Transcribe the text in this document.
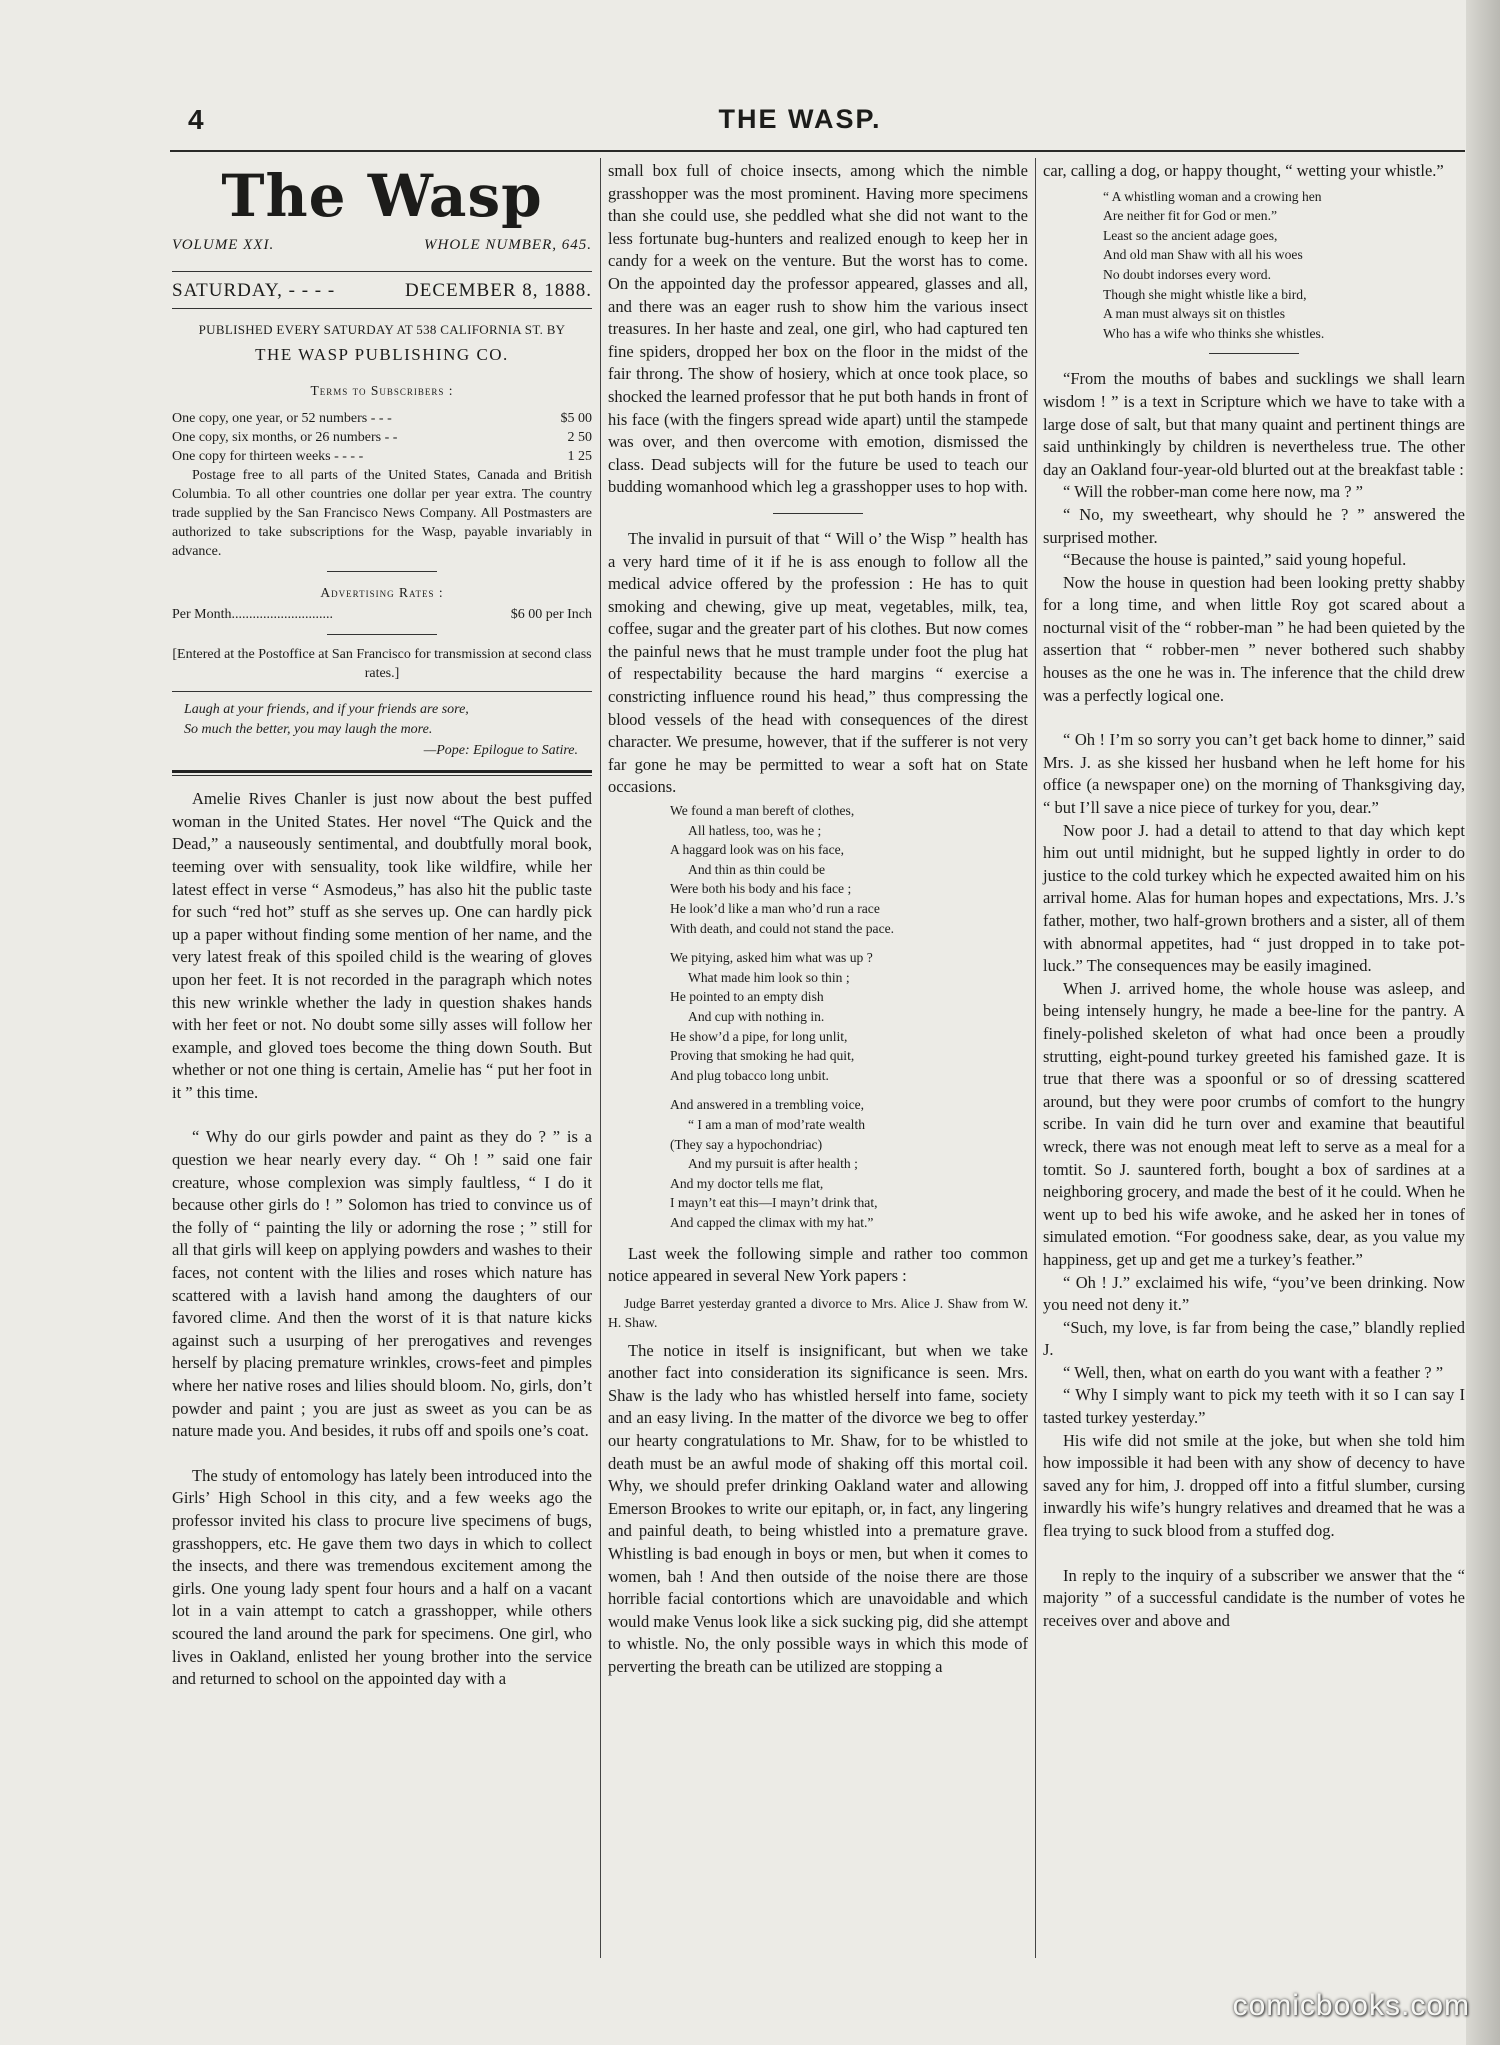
4	THE WASP.
The Wasp
VOLUME XXI.	WHOLE NUMBER, 645.
SATURDAY, - - - -	DECEMBER 8, 1888.
PUBLISHED EVERY SATURDAY AT 538 CALIFORNIA ST. BY
THE WASP PUBLISHING CO.
Terms to Subscribers :
One copy, one year, or 52 numbers - - -	$5 00
One copy, six months, or 26 numbers - -	2 50
One copy for thirteen weeks - - - -	1 25

Postage free to all parts of the United States, Canada and British Columbia. To all other countries one dollar per year extra. The country trade supplied by the San Francisco News Company. All Postmasters are authorized to take subscriptions for the Wasp, payable invariably in advance.

Advertising Rates :
Per Month.............................	$6 00 per Inch

[Entered at the Postoffice at San Francisco for transmission at second class rates.]

Laugh at your friends, and if your friends are sore,
So much the better, you may laugh the more.
—Pope: Epilogue to Satire.

Amelie Rives Chanler is just now about the best puffed woman in the United States. Her novel “The Quick and the Dead,” a nauseously sentimental, and doubtfully moral book, teeming over with sensuality, took like wildfire, while her latest effect in verse “ Asmodeus,” has also hit the public taste for such “red hot” stuff as she serves up. One can hardly pick up a paper without finding some mention of her name, and the very latest freak of this spoiled child is the wearing of gloves upon her feet. It is not recorded in the paragraph which notes this new wrinkle whether the lady in question shakes hands with her feet or not. No doubt some silly asses will follow her example, and gloved toes become the thing down South. But whether or not one thing is certain, Amelie has “ put her foot in it ” this time.

“ Why do our girls powder and paint as they do ? ” is a question we hear nearly every day. “ Oh ! ” said one fair creature, whose complexion was simply faultless, “ I do it because other girls do ! ” Solomon has tried to convince us of the folly of “ painting the lily or adorning the rose ; ” still for all that girls will keep on applying powders and washes to their faces, not content with the lilies and roses which nature has scattered with a lavish hand among the daughters of our favored clime. And then the worst of it is that nature kicks against such a usurping of her prerogatives and revenges herself by placing premature wrinkles, crows-feet and pimples where her native roses and lilies should bloom. No, girls, don’t powder and paint ; you are just as sweet as you can be as nature made you. And besides, it rubs off and spoils one’s coat.

The study of entomology has lately been introduced into the Girls’ High School in this city, and a few weeks ago the professor invited his class to procure live specimens of bugs, grasshoppers, etc. He gave them two days in which to collect the insects, and there was tremendous excitement among the girls. One young lady spent four hours and a half on a vacant lot in a vain attempt to catch a grasshopper, while others scoured the land around the park for specimens. One girl, who lives in Oakland, enlisted her young brother into the service and returned to school on the appointed day with a

small box full of choice insects, among which the nimble grasshopper was the most prominent. Having more specimens than she could use, she peddled what she did not want to the less fortunate bug-hunters and realized enough to keep her in candy for a week on the venture. But the worst has to come. On the appointed day the professor appeared, glasses and all, and there was an eager rush to show him the various insect treasures. In her haste and zeal, one girl, who had captured ten fine spiders, dropped her box on the floor in the midst of the fair throng. The show of hosiery, which at once took place, so shocked the learned professor that he put both hands in front of his face (with the fingers spread wide apart) until the stampede was over, and then overcome with emotion, dismissed the class. Dead subjects will for the future be used to teach our budding womanhood which leg a grasshopper uses to hop with.

The invalid in pursuit of that “ Will o’ the Wisp ” health has a very hard time of it if he is ass enough to follow all the medical advice offered by the profession : He has to quit smoking and chewing, give up meat, vegetables, milk, tea, coffee, sugar and the greater part of his clothes. But now comes the painful news that he must trample under foot the plug hat of respectability because the hard margins “ exercise a constricting influence round his head,” thus compressing the blood vessels of the head with consequences of the direst character. We presume, however, that if the sufferer is not very far gone he may be permitted to wear a soft hat on State occasions.

We found a man bereft of clothes,
All hatless, too, was he ;
A haggard look was on his face,
And thin as thin could be
Were both his body and his face ;
He look’d like a man who’d run a race
With death, and could not stand the pace.
We pitying, asked him what was up ?
What made him look so thin ;
He pointed to an empty dish
And cup with nothing in.
He show’d a pipe, for long unlit,
Proving that smoking he had quit,
And plug tobacco long unbit.
And answered in a trembling voice,
“ I am a man of mod’rate wealth
(They say a hypochondriac)
And my pursuit is after health ;
And my doctor tells me flat,
I mayn’t eat this—I mayn’t drink that,
And capped the climax with my hat.”

Last week the following simple and rather too common notice appeared in several New York papers :

Judge Barret yesterday granted a divorce to Mrs. Alice J. Shaw from W. H. Shaw.

The notice in itself is insignificant, but when we take another fact into consideration its significance is seen. Mrs. Shaw is the lady who has whistled herself into fame, society and an easy living. In the matter of the divorce we beg to offer our hearty congratulations to Mr. Shaw, for to be whistled to death must be an awful mode of shaking off this mortal coil. Why, we should prefer drinking Oakland water and allowing Emerson Brookes to write our epitaph, or, in fact, any lingering and painful death, to being whistled into a premature grave. Whistling is bad enough in boys or men, but when it comes to women, bah ! And then outside of the noise there are those horrible facial contortions which are unavoidable and which would make Venus look like a sick sucking pig, did she attempt to whistle. No, the only possible ways in which this mode of perverting the breath can be utilized are stopping a

car, calling a dog, or happy thought, “ wetting your whistle.”

“ A whistling woman and a crowing hen
Are neither fit for God or men.”
Least so the ancient adage goes,
And old man Shaw with all his woes
No doubt indorses every word.
Though she might whistle like a bird,
A man must always sit on thistles
Who has a wife who thinks she whistles.

“From the mouths of babes and sucklings we shall learn wisdom ! ” is a text in Scripture which we have to take with a large dose of salt, but that many quaint and pertinent things are said unthinkingly by children is nevertheless true. The other day an Oakland four-year-old blurted out at the breakfast table :

“ Will the robber-man come here now, ma ? ”

“ No, my sweetheart, why should he ? ” answered the surprised mother.

“Because the house is painted,” said young hopeful.

Now the house in question had been looking pretty shabby for a long time, and when little Roy got scared about a nocturnal visit of the “ robber-man ” he had been quieted by the assertion that “ robber-men ” never bothered such shabby houses as the one he was in. The inference that the child drew was a perfectly logical one.

“ Oh ! I’m so sorry you can’t get back home to dinner,” said Mrs. J. as she kissed her husband when he left home for his office (a newspaper one) on the morning of Thanksgiving day, “ but I’ll save a nice piece of turkey for you, dear.”

Now poor J. had a detail to attend to that day which kept him out until midnight, but he supped lightly in order to do justice to the cold turkey which he expected awaited him on his arrival home. Alas for human hopes and expectations, Mrs. J.’s father, mother, two half-grown brothers and a sister, all of them with abnormal appetites, had “ just dropped in to take pot-luck.” The consequences may be easily imagined.

When J. arrived home, the whole house was asleep, and being intensely hungry, he made a bee-line for the pantry. A finely-polished skeleton of what had once been a proudly strutting, eight-pound turkey greeted his famished gaze. It is true that there was a spoonful or so of dressing scattered around, but they were poor crumbs of comfort to the hungry scribe. In vain did he turn over and examine that beautiful wreck, there was not enough meat left to serve as a meal for a tomtit. So J. sauntered forth, bought a box of sardines at a neighboring grocery, and made the best of it he could. When he went up to bed his wife awoke, and he asked her in tones of simulated emotion. “For goodness sake, dear, as you value my happiness, get up and get me a turkey’s feather.”

“ Oh ! J.” exclaimed his wife, “you’ve been drinking. Now you need not deny it.”

“Such, my love, is far from being the case,” blandly replied J.

“ Well, then, what on earth do you want with a feather ? ”

“ Why I simply want to pick my teeth with it so I can say I tasted turkey yesterday.”

His wife did not smile at the joke, but when she told him how impossible it had been with any show of decency to have saved any for him, J. dropped off into a fitful slumber, cursing inwardly his wife’s hungry relatives and dreamed that he was a flea trying to suck blood from a stuffed dog.

In reply to the inquiry of a subscriber we answer that the “ majority ” of a successful candidate is the number of votes he receives over and above and

comicbooks.com
